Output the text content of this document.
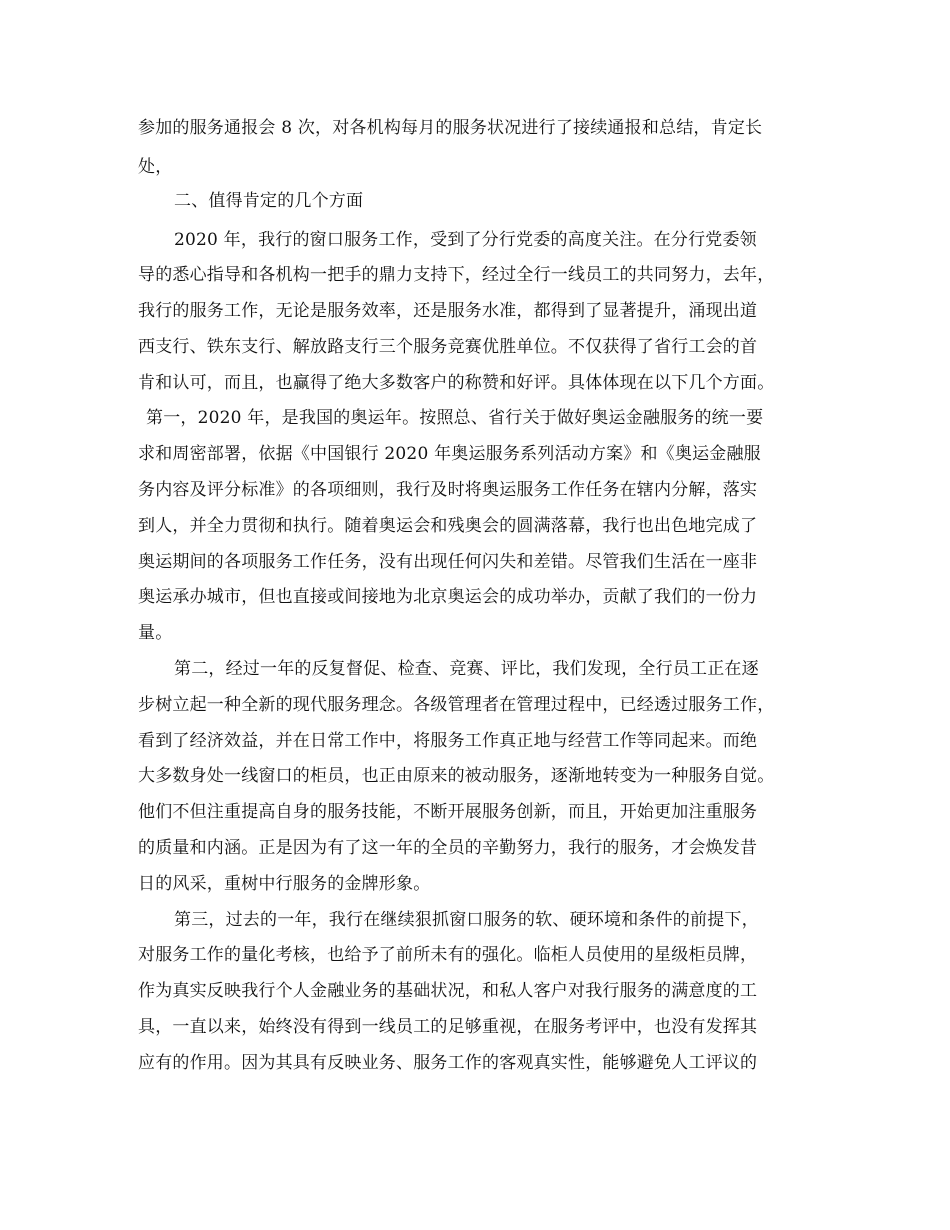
参加的服务通报会 8 次，对各机构每月的服务状况进行了接续通报和总结，肯定长
处，
二、值得肯定的几个方面
2020 年，我行的窗口服务工作，受到了分行党委的高度关注。在分行党委领
导的悉心指导和各机构一把手的鼎力支持下，经过全行一线员工的共同努力，去年，
我行的服务工作，无论是服务效率，还是服务水准，都得到了显著提升，涌现出道
西支行、铁东支行、解放路支行三个服务竞赛优胜单位。不仅获得了省行工会的首
肯和认可，而且，也赢得了绝大多数客户的称赞和好评。具体体现在以下几个方面。
第一，2020 年，是我国的奥运年。按照总、省行关于做好奥运金融服务的统一要
求和周密部署，依据《中国银行 2020 年奥运服务系列活动方案》和《奥运金融服
务内容及评分标准》的各项细则，我行及时将奥运服务工作任务在辖内分解，落实
到人，并全力贯彻和执行。随着奥运会和残奥会的圆满落幕，我行也出色地完成了
奥运期间的各项服务工作任务，没有出现任何闪失和差错。尽管我们生活在一座非
奥运承办城市，但也直接或间接地为北京奥运会的成功举办，贡献了我们的一份力
量。
第二，经过一年的反复督促、检查、竞赛、评比，我们发现，全行员工正在逐
步树立起一种全新的现代服务理念。各级管理者在管理过程中，已经透过服务工作，
看到了经济效益，并在日常工作中，将服务工作真正地与经营工作等同起来。而绝
大多数身处一线窗口的柜员，也正由原来的被动服务，逐渐地转变为一种服务自觉。
他们不但注重提高自身的服务技能，不断开展服务创新，而且，开始更加注重服务
的质量和内涵。正是因为有了这一年的全员的辛勤努力，我行的服务，才会焕发昔
日的风采，重树中行服务的金牌形象。
第三，过去的一年，我行在继续狠抓窗口服务的软、硬环境和条件的前提下，
对服务工作的量化考核，也给予了前所未有的强化。临柜人员使用的星级柜员牌，
作为真实反映我行个人金融业务的基础状况，和私人客户对我行服务的满意度的工
具，一直以来，始终没有得到一线员工的足够重视，在服务考评中，也没有发挥其
应有的作用。因为其具有反映业务、服务工作的客观真实性，能够避免人工评议的
